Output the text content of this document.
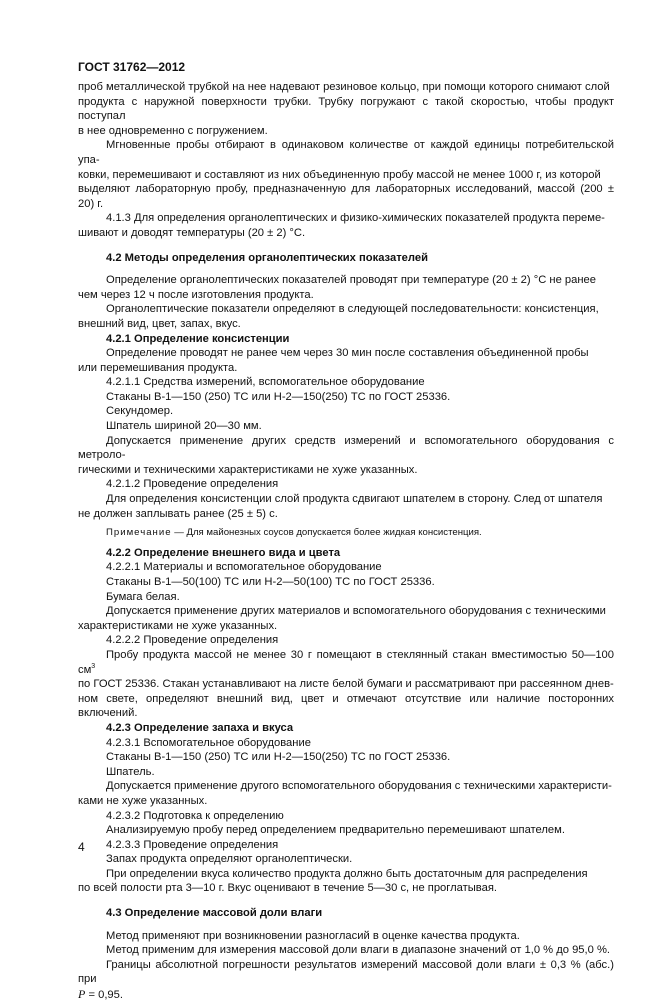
ГОСТ 31762—2012

проб металлической трубкой на нее надевают резиновое кольцо, при помощи которого снимают слой
продукта с наружной поверхности трубки. Трубку погружают с такой скоростью, чтобы продукт поступал
в нее одновременно с погружением.

Мгновенные пробы отбирают в одинаковом количестве от каждой единицы потребительской упа-
ковки, перемешивают и составляют из них объединенную пробу массой не менее 1000 г, из которой
выделяют лабораторную пробу, предназначенную для лабораторных исследований, массой (200 ± 20) г.

4.1.3 Для определения органолептических и физико-химических показателей продукта переме-
шивают и доводят температуры (20 ± 2) °С.

4.2 Методы определения органолептических показателей

Определение органолептических показателей проводят при температуре (20 ± 2) °С не ранее
чем через 12 ч после изготовления продукта.

Органолептические показатели определяют в следующей последовательности: консистенция,
внешний вид, цвет, запах, вкус.

4.2.1 Определение консистенции

Определение проводят не ранее чем через 30 мин после составления объединенной пробы
или перемешивания продукта.

4.2.1.1 Средства измерений, вспомогательное оборудование

Стаканы В-1—150 (250) ТС или Н-2—150(250) ТС по ГОСТ 25336.

Секундомер.

Шпатель шириной 20—30 мм.

Допускается применение других средств измерений и вспомогательного оборудования с метроло-
гическими и техническими характеристиками не хуже указанных.

4.2.1.2 Проведение определения

Для определения консистенции слой продукта сдвигают шпателем в сторону. След от шпателя
не должен заплывать ранее (25 ± 5) с.

Примечание — Для майонезных соусов допускается более жидкая консистенция.

4.2.2 Определение внешнего вида и цвета

4.2.2.1 Материалы и вспомогательное оборудование

Стаканы В-1—50(100) ТС или Н-2—50(100) ТС по ГОСТ 25336.

Бумага белая.

Допускается применение других материалов и вспомогательного оборудования с техническими
характеристиками не хуже указанных.

4.2.2.2 Проведение определения

Пробу продукта массой не менее 30 г помещают в стеклянный стакан вместимостью 50—100 $см^3$
по ГОСТ 25336. Стакан устанавливают на листе белой бумаги и рассматривают при рассеянном днев-
ном свете, определяют внешний вид, цвет и отмечают отсутствие или наличие посторонних включений.

4.2.3 Определение запаха и вкуса

4.2.3.1 Вспомогательное оборудование

Стаканы В-1—150 (250) ТС или Н-2—150(250) ТС по ГОСТ 25336.

Шпатель.

Допускается применение другого вспомогательного оборудования с техническими характеристи-
ками не хуже указанных.

4.2.3.2 Подготовка к определению

Анализируемую пробу перед определением предварительно перемешивают шпателем.

4.2.3.3 Проведение определения

Запах продукта определяют органолептически.

При определении вкуса количество продукта должно быть достаточным для распределения
по всей полости рта 3—10 г. Вкус оценивают в течение 5—30 с, не проглатывая.

4.3 Определение массовой доли влаги

Метод применяют при возникновении разногласий в оценке качества продукта.

Метод применим для измерения массовой доли влаги в диапазоне значений от 1,0 % до 95,0 %.

Границы абсолютной погрешности результатов измерений массовой доли влаги ± 0,3 % (абс.) при
P = 0,95.

4
